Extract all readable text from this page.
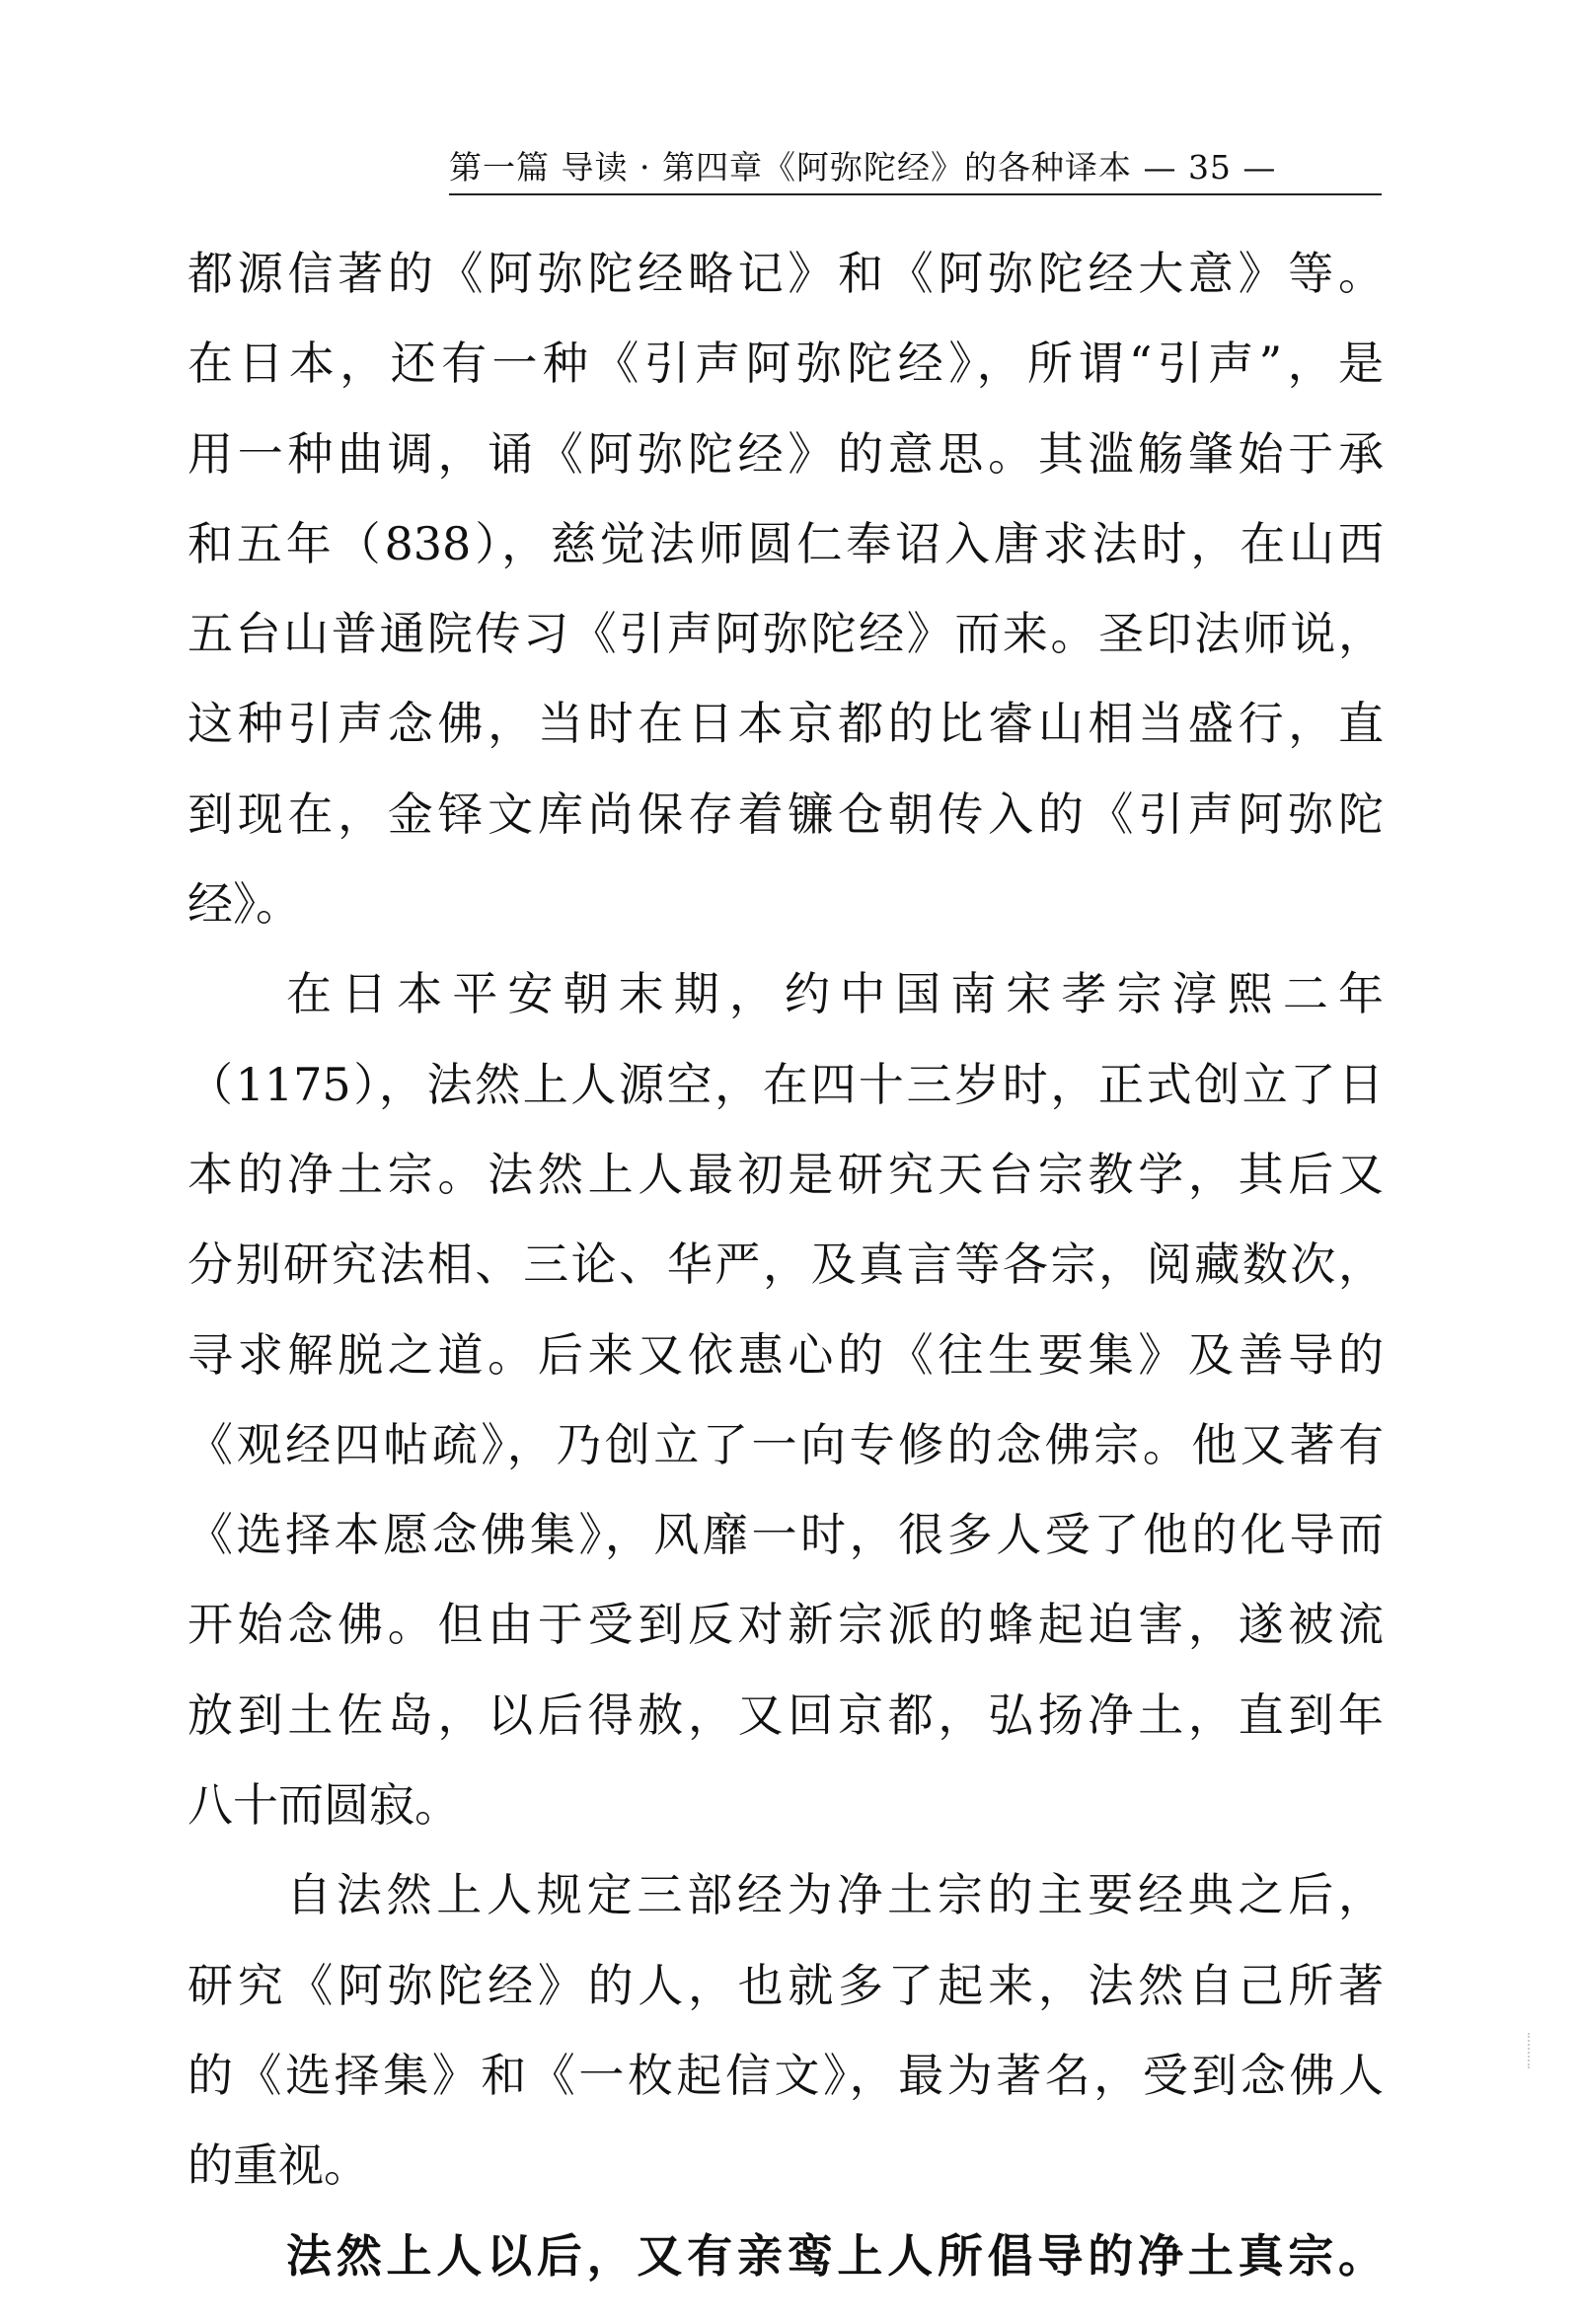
第一篇 导读 · 第四章《阿弥陀经》的各种译本 — 35 —
都源信著的《阿弥陀经略记》和《阿弥陀经大意》等。
在日本，还有一种《引声阿弥陀经》，所谓“引声”，是
用一种曲调，诵《阿弥陀经》的意思。其滥觞肇始于承
和五年（838），慈觉法师圆仁奉诏入唐求法时，在山西
五台山普通院传习《引声阿弥陀经》而来。圣印法师说，
这种引声念佛，当时在日本京都的比睿山相当盛行，直
到现在，金铎文库尚保存着镰仓朝传入的《引声阿弥陀
经》。
在日本平安朝末期，约中国南宋孝宗淳熙二年
（1175），法然上人源空，在四十三岁时，正式创立了日
本的净土宗。法然上人最初是研究天台宗教学，其后又
分别研究法相、三论、华严，及真言等各宗，阅藏数次，
寻求解脱之道。后来又依惠心的《往生要集》及善导的
《观经四帖疏》，乃创立了一向专修的念佛宗。他又著有
《选择本愿念佛集》，风靡一时，很多人受了他的化导而
开始念佛。但由于受到反对新宗派的蜂起迫害，遂被流
放到土佐岛，以后得赦，又回京都，弘扬净土，直到年
八十而圆寂。
自法然上人规定三部经为净土宗的主要经典之后，
研究《阿弥陀经》的人，也就多了起来，法然自己所著
的《选择集》和《一枚起信文》，最为著名，受到念佛人
的重视。
法然上人以后，又有亲鸾上人所倡导的净土真宗。
